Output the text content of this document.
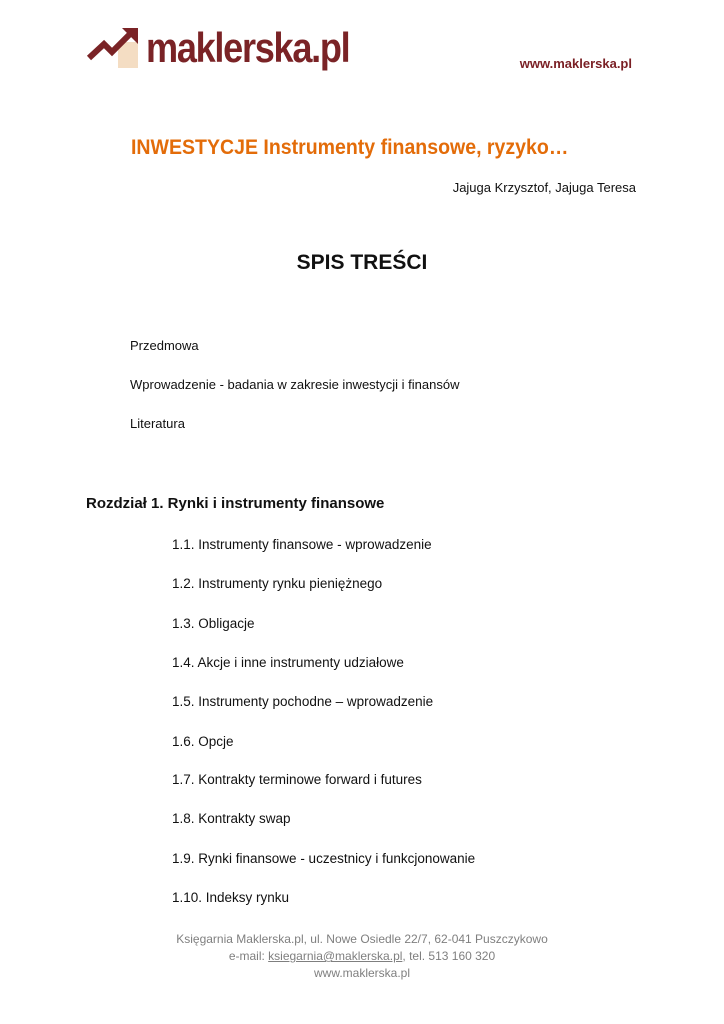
maklerska.pl	www.maklerska.pl
INWESTYCJE Instrumenty finansowe, ryzyko…
Jajuga Krzysztof, Jajuga Teresa
SPIS TREŚCI
Przedmowa
Wprowadzenie - badania w zakresie inwestycji i finansów
Literatura
Rozdział 1. Rynki i instrumenty finansowe
1.1. Instrumenty finansowe - wprowadzenie
1.2. Instrumenty rynku pieniężnego
1.3. Obligacje
1.4. Akcje i inne instrumenty udziałowe
1.5. Instrumenty pochodne – wprowadzenie
1.6. Opcje
1.7. Kontrakty terminowe forward i futures
1.8. Kontrakty swap
1.9. Rynki finansowe - uczestnicy i funkcjonowanie
1.10. Indeksy rynku
Księgarnia Maklerska.pl, ul. Nowe Osiedle 22/7, 62-041 Puszczykowo
e-mail: ksiegarnia@maklerska.pl, tel. 513 160 320
www.maklerska.pl
